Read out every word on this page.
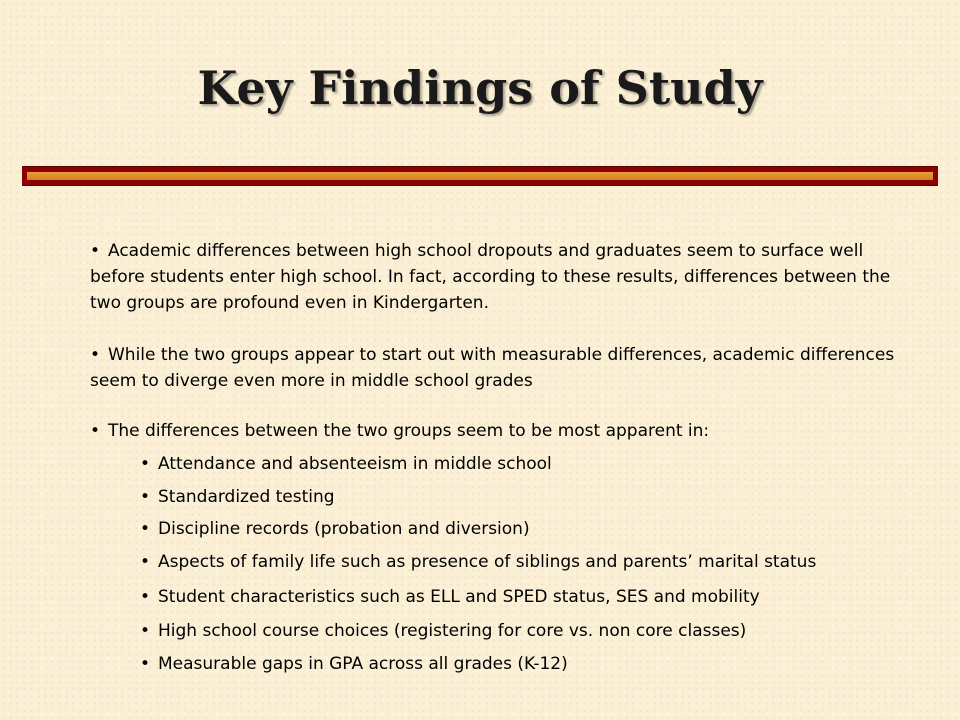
Key Findings of Study

• Academic differences between high school dropouts and graduates seem to surface well before students enter high school. In fact, according to these results, differences between the two groups are profound even in Kindergarten.

• While the two groups appear to start out with measurable differences, academic differences seem to diverge even more in middle school grades

• The differences between the two groups seem to be most apparent in:

• Attendance and absenteeism in middle school

• Standardized testing

• Discipline records (probation and diversion)

• Aspects of family life such as presence of siblings and parents’ marital status

• Student characteristics such as ELL and SPED status, SES and mobility

• High school course choices (registering for core vs. non core classes)

• Measurable gaps in GPA across all grades (K-12)
